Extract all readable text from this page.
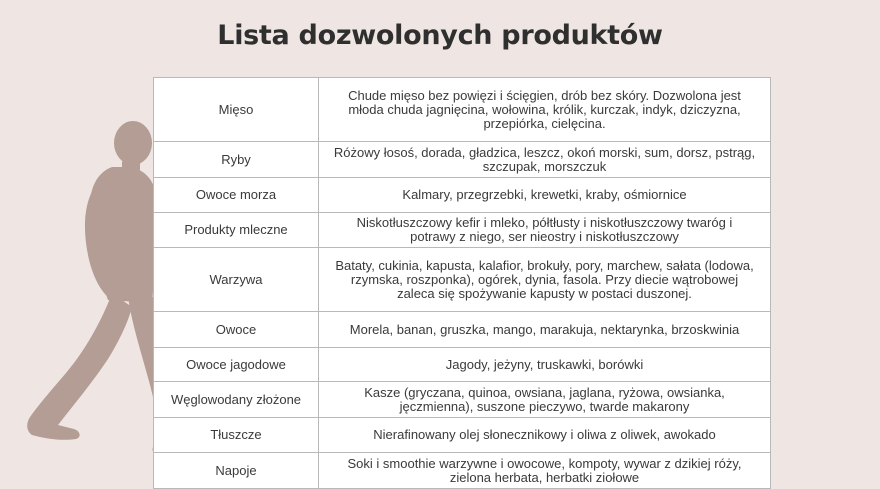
Lista dozwolonych produktów
Mięso	Chude mięso bez powięzi i ścięgien, drób bez skóry. Dozwolona jest młoda chuda jagnięcina, wołowina, królik, kurczak, indyk, dziczyzna, przepiórka, cielęcina.
Ryby	Różowy łosoś, dorada, gładzica, leszcz, okoń morski, sum, dorsz, pstrąg, szczupak, morszczuk
Owoce morza	Kalmary, przegrzebki, krewetki, kraby, ośmiornice
Produkty mleczne	Niskotłuszczowy kefir i mleko, półtłusty i niskotłuszczowy twaróg i potrawy z niego, ser nieostry i niskotłuszczowy
Warzywa	Bataty, cukinia, kapusta, kalafior, brokuły, pory, marchew, sałata (lodowa, rzymska, roszponka), ogórek, dynia, fasola. Przy diecie wątrobowej zaleca się spożywanie kapusty w postaci duszonej.
Owoce	Morela, banan, gruszka, mango, marakuja, nektarynka, brzoskwinia
Owoce jagodowe	Jagody, jeżyny, truskawki, borówki
Węglowodany złożone	Kasze (gryczana, quinoa, owsiana, jaglana, ryżowa, owsianka, jęczmienna), suszone pieczywo, twarde makarony
Tłuszcze	Nierafinowany olej słonecznikowy i oliwa z oliwek, awokado
Napoje	Soki i smoothie warzywne i owocowe, kompoty, wywar z dzikiej róży, zielona herbata, herbatki ziołowe
